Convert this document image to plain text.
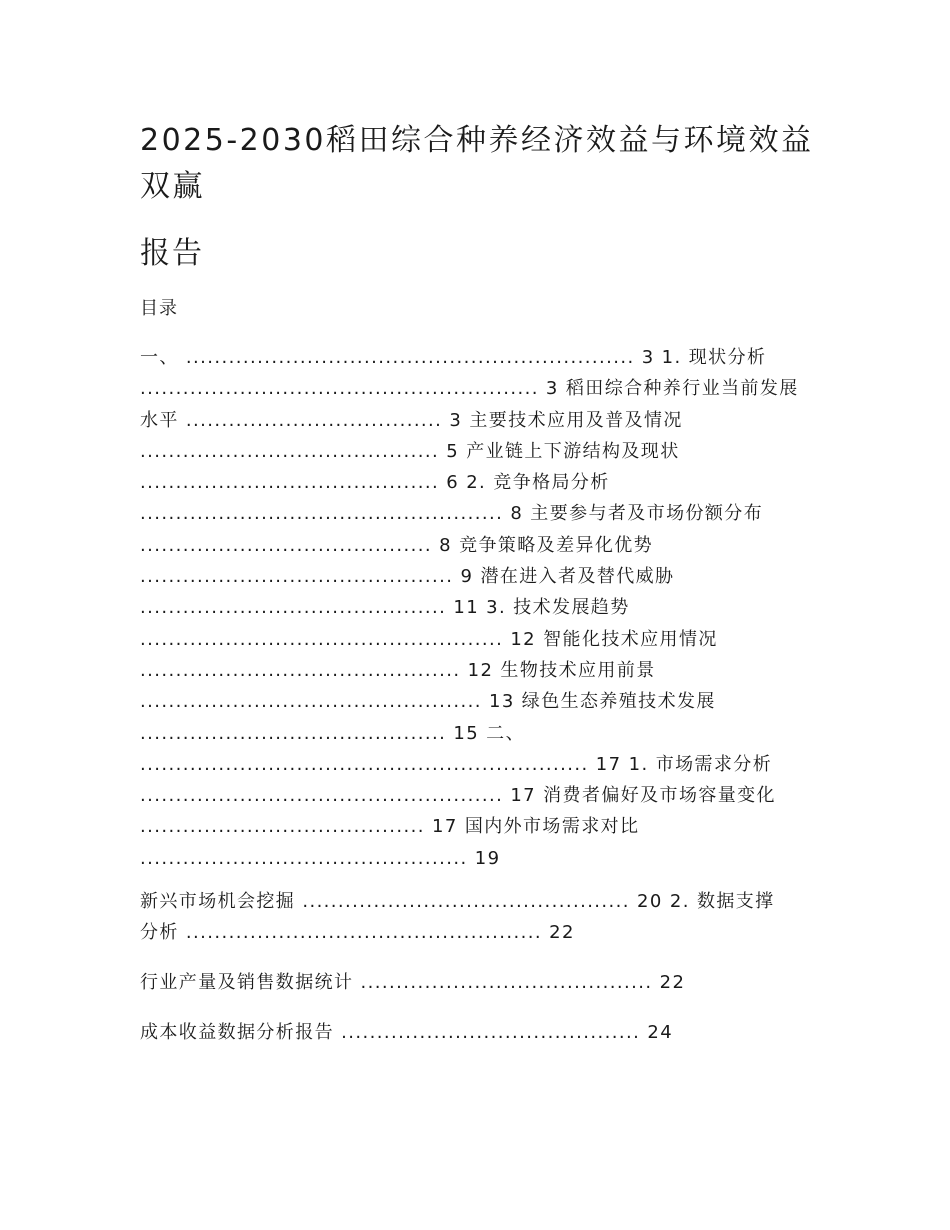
2025-2030稻田综合种养经济效益与环境效益
双赢
报告
目录
一、 ............................................................... 3 1. 现状分析
........................................................ 3 稻田综合种养行业当前发展
水平 .................................... 3 主要技术应用及普及情况
.......................................... 5 产业链上下游结构及现状
.......................................... 6 2. 竞争格局分析
................................................... 8 主要参与者及市场份额分布
......................................... 8 竞争策略及差异化优势
............................................ 9 潜在进入者及替代威胁
........................................... 11 3. 技术发展趋势
................................................... 12 智能化技术应用情况
............................................. 12 生物技术应用前景
................................................ 13 绿色生态养殖技术发展
........................................... 15 二、
............................................................... 17 1. 市场需求分析
................................................... 17 消费者偏好及市场容量变化
........................................ 17 国内外市场需求对比
.............................................. 19
新兴市场机会挖掘 .............................................. 20 2. 数据支撑
分析 .................................................. 22
行业产量及销售数据统计 ......................................... 22
成本收益数据分析报告 .......................................... 24
